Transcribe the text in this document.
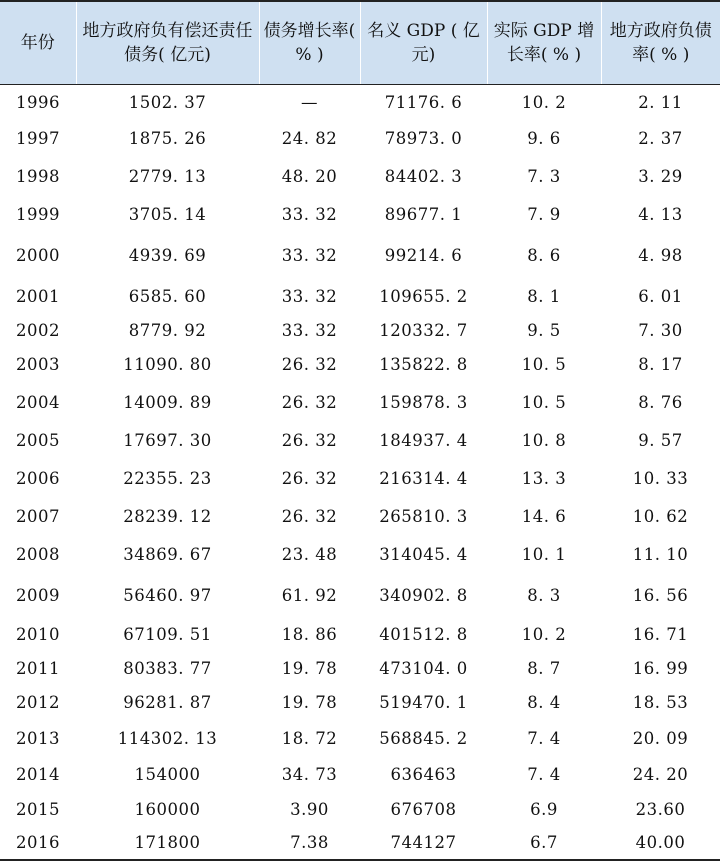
年份	地方政府负有偿还责任债务( 亿元)	债务增长率( % )	名义 GDP ( 亿元)	实际 GDP 增长率( % )	地方政府负债率( % )
1996	1502. 37	—	71176. 6	10. 2	2. 11
1997	1875. 26	24. 82	78973. 0	9. 6	2. 37
1998	2779. 13	48. 20	84402. 3	7. 3	3. 29
1999	3705. 14	33. 32	89677. 1	7. 9	4. 13
2000	4939. 69	33. 32	99214. 6	8. 6	4. 98
2001	6585. 60	33. 32	109655. 2	8. 1	6. 01
2002	8779. 92	33. 32	120332. 7	9. 5	7. 30
2003	11090. 80	26. 32	135822. 8	10. 5	8. 17
2004	14009. 89	26. 32	159878. 3	10. 5	8. 76
2005	17697. 30	26. 32	184937. 4	10. 8	9. 57
2006	22355. 23	26. 32	216314. 4	13. 3	10. 33
2007	28239. 12	26. 32	265810. 3	14. 6	10. 62
2008	34869. 67	23. 48	314045. 4	10. 1	11. 10
2009	56460. 97	61. 92	340902. 8	8. 3	16. 56
2010	67109. 51	18. 86	401512. 8	10. 2	16. 71
2011	80383. 77	19. 78	473104. 0	8. 7	16. 99
2012	96281. 87	19. 78	519470. 1	8. 4	18. 53
2013	114302. 13	18. 72	568845. 2	7. 4	20. 09
2014	154000	34. 73	636463	7. 4	24. 20
2015	160000	3.90	676708	6.9	23.60
2016	171800	7.38	744127	6.7	40.00
